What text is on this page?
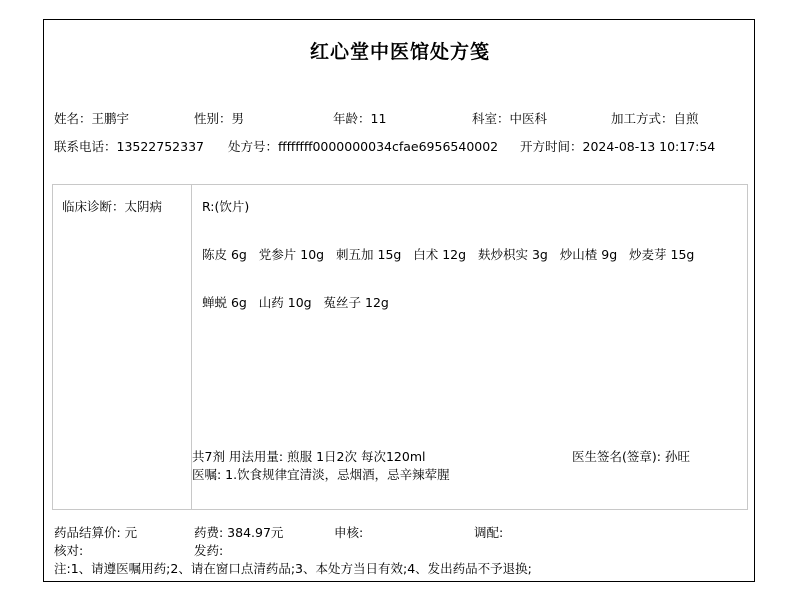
红心堂中医馆处方笺
姓名：王鹏宇	性别：男	年龄：11	科室：中医科	加工方式：自煎
联系电话：13522752337 处方号：ffffffff0000000034cfae6956540002 开方时间：2024-08-13 10:17:54
临床诊断：太阴病	R:(饮片)
陈皮 6g   党参片 10g   刺五加 15g   白术 12g   麸炒枳实 3g   炒山楂 9g   炒麦芽 15g
蝉蜕 6g   山药 10g   菟丝子 12g
共7剂 用法用量: 煎服 1日2次 每次120ml	医生签名(签章): 孙旺
医嘱: 1.饮食规律宜清淡，忌烟酒，忌辛辣荤腥
药品结算价: 元	药费: 384.97元	申核:	调配:
核对:	发药:
注:1、请遵医嘱用药;2、请在窗口点清药品;3、本处方当日有效;4、发出药品不予退换;
